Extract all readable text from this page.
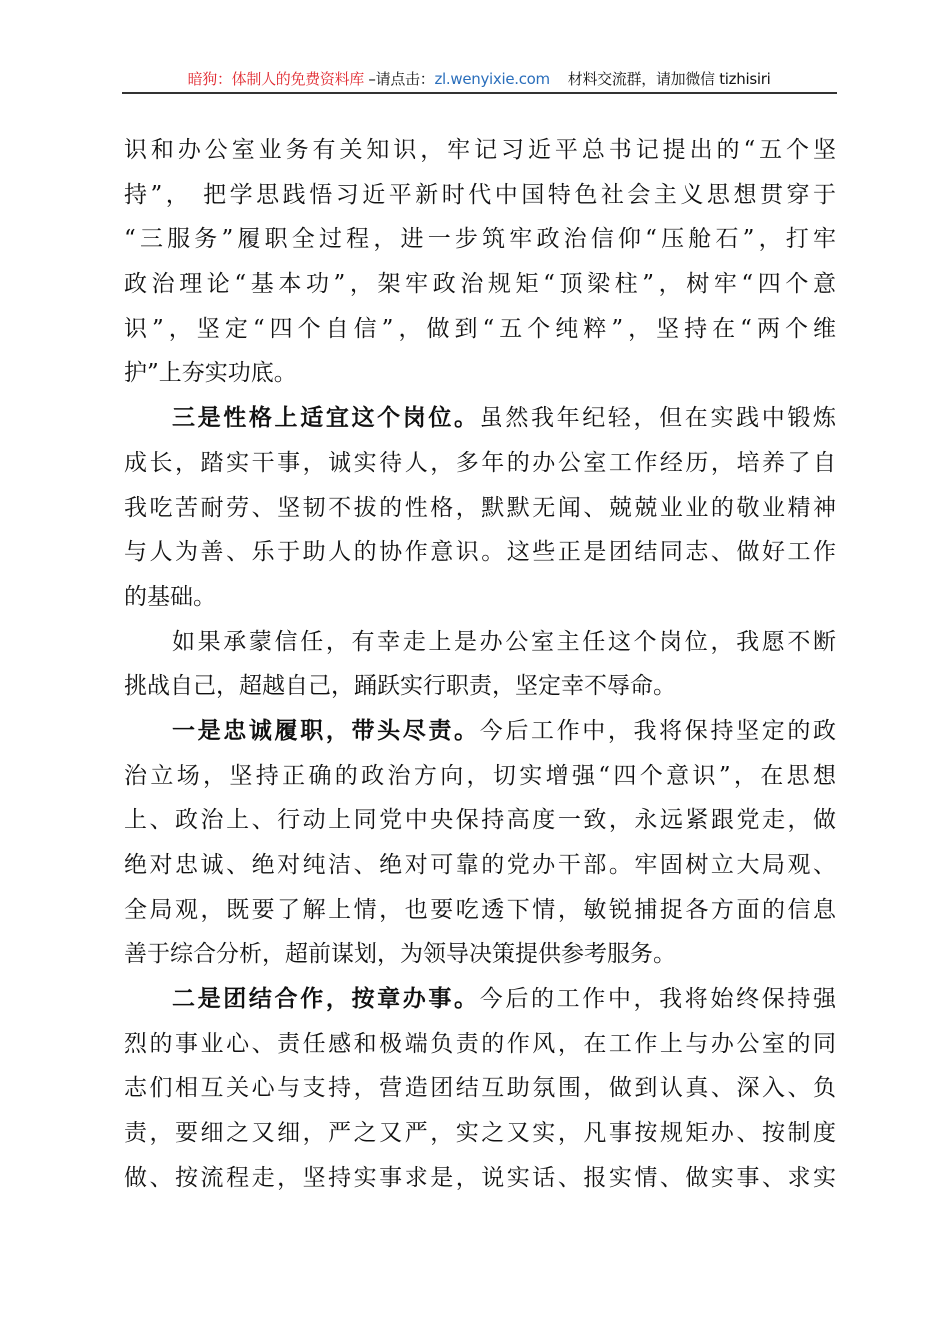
暗狗：体制人的免费资料库 –请点击：zl.wenyixie.com    材料交流群，请加微信 tizhisiri
识和办公室业务有关知识，牢记习近平总书记提出的“五个坚
持”， 把学思践悟习近平新时代中国特色社会主义思想贯穿于
“三服务”履职全过程，进一步筑牢政治信仰“压舱石”，打牢
政治理论“基本功”，架牢政治规矩“顶梁柱”，树牢“四个意
识”，坚定“四个自信”，做到“五个纯粹”，坚持在“两个维
护”上夯实功底。
三是性格上适宜这个岗位。虽然我年纪轻，但在实践中锻炼
成长，踏实干事，诚实待人，多年的办公室工作经历，培养了自
我吃苦耐劳、坚韧不拔的性格，默默无闻、兢兢业业的敬业精神
与人为善、乐于助人的协作意识。这些正是团结同志、做好工作
的基础。
如果承蒙信任，有幸走上是办公室主任这个岗位，我愿不断
挑战自己，超越自己，踊跃实行职责，坚定幸不辱命。
一是忠诚履职，带头尽责。今后工作中，我将保持坚定的政
治立场，坚持正确的政治方向，切实增强“四个意识”，在思想
上、政治上、行动上同党中央保持高度一致，永远紧跟党走，做
绝对忠诚、绝对纯洁、绝对可靠的党办干部。牢固树立大局观、
全局观，既要了解上情，也要吃透下情，敏锐捕捉各方面的信息
善于综合分析，超前谋划，为领导决策提供参考服务。
二是团结合作，按章办事。今后的工作中，我将始终保持强
烈的事业心、责任感和极端负责的作风，在工作上与办公室的同
志们相互关心与支持，营造团结互助氛围，做到认真、深入、负
责，要细之又细，严之又严，实之又实，凡事按规矩办、按制度
做、按流程走，坚持实事求是，说实话、报实情、做实事、求实
